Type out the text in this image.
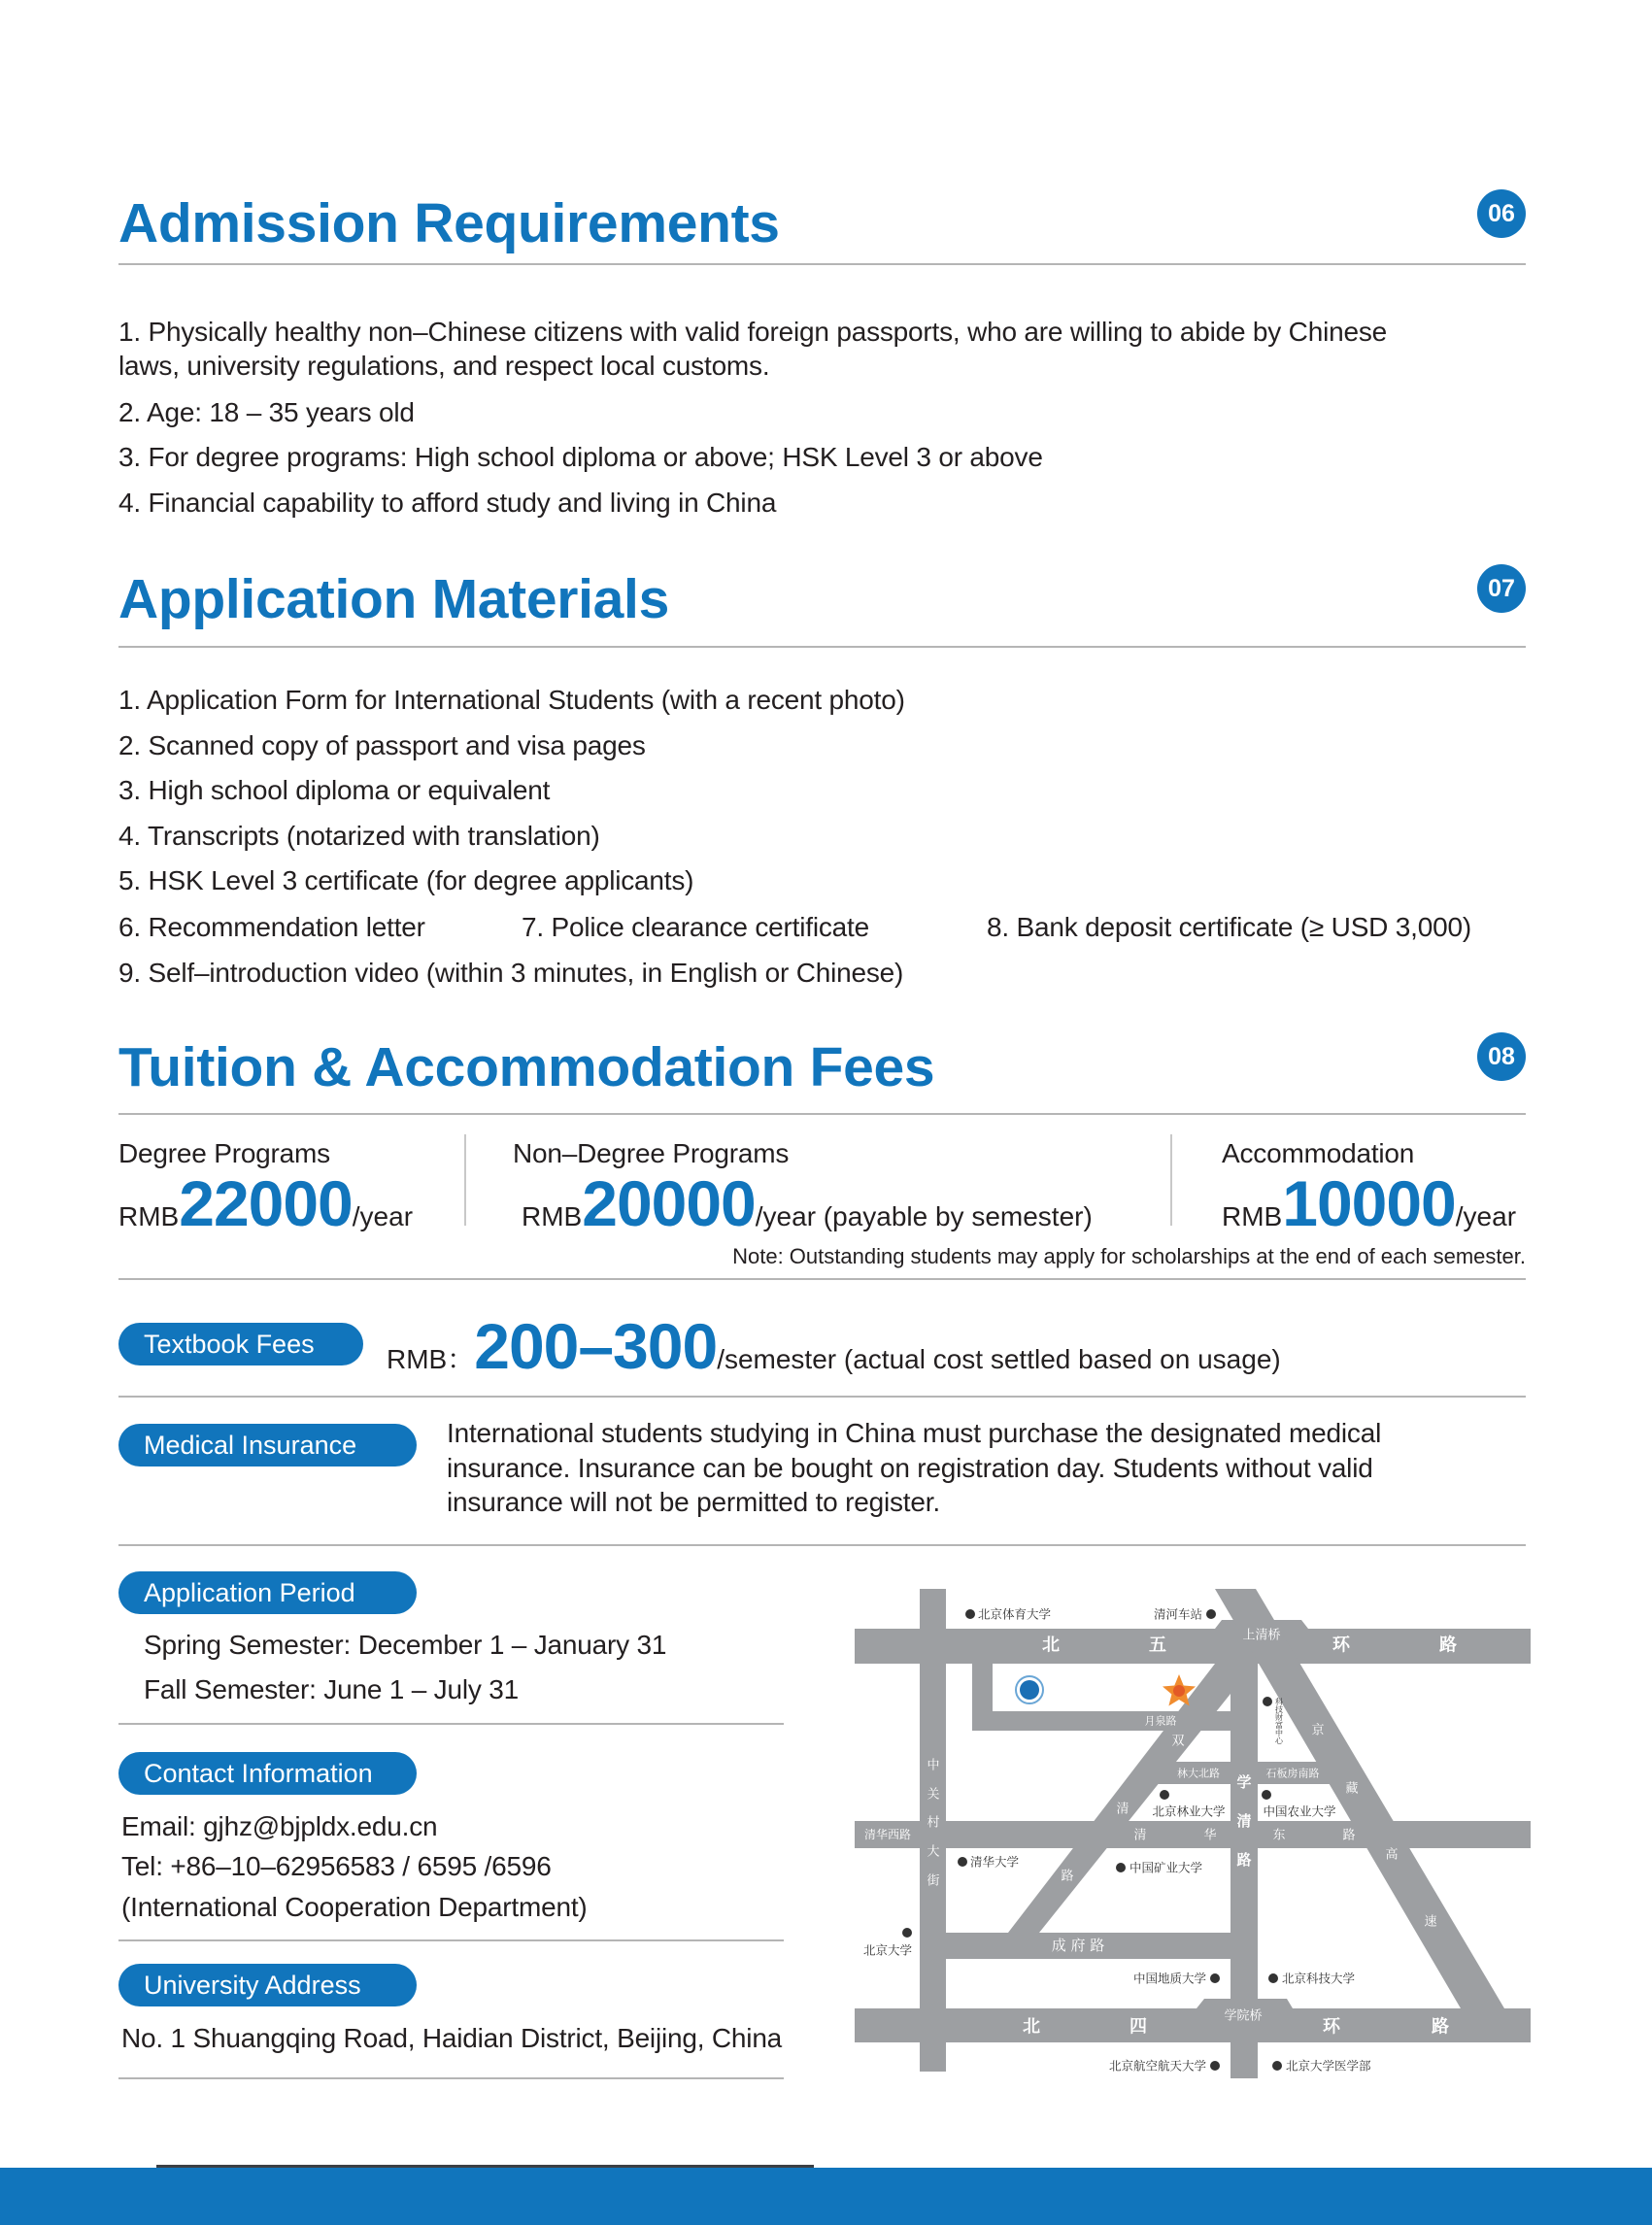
Admission Requirements	06
1. Physically healthy non–Chinese citizens with valid foreign passports, who are willing to abide by Chinese
laws, university regulations, and respect local customs.
2. Age: 18 – 35 years old
3. For degree programs: High school diploma or above; HSK Level 3 or above
4. Financial capability to afford study and living in China
Application Materials	07
1. Application Form for International Students (with a recent photo)
2. Scanned copy of passport and visa pages
3. High school diploma or equivalent
4. Transcripts (notarized with translation)
5. HSK Level 3 certificate (for degree applicants)
6. Recommendation letter	7. Police clearance certificate	8. Bank deposit certificate (≥ USD 3,000)
9. Self–introduction video (within 3 minutes, in English or Chinese)
Tuition & Accommodation Fees	08
Degree Programs
RMB22000/year
Non–Degree Programs
RMB20000/year (payable by semester)
Accommodation
RMB10000/year
Note: Outstanding students may apply for scholarships at the end of each semester.
Textbook Fees	RMB：200–300/semester (actual cost settled based on usage)
Medical Insurance	International students studying in China must purchase the designated medical
insurance. Insurance can be bought on registration day. Students without valid
insurance will not be permitted to register.
Application Period
Spring Semester: December 1 – January 31
Fall Semester: June 1 – July 31
Contact Information
Email: gjhz@bjpldx.edu.cn
Tel: +86–10–62956583 / 6595 /6596
(International Cooperation Department)
University Address
No. 1 Shuangqing Road, Haidian District, Beijing, China
北	五	环	路
上清桥
北	四	环	路
学院桥
中
关
村
大
街
清华西路	清	华	东	路
学
清
路
双
清
路
京
藏
高
速
月泉路
林大北路	石板房南路
成 府 路
北京体育大学	清河车站
科技财富中心
北京林业大学	中国农业大学
清华大学	中国矿业大学
北京大学
中国地质大学	北京科技大学
北京航空航天大学	北京大学医学部
